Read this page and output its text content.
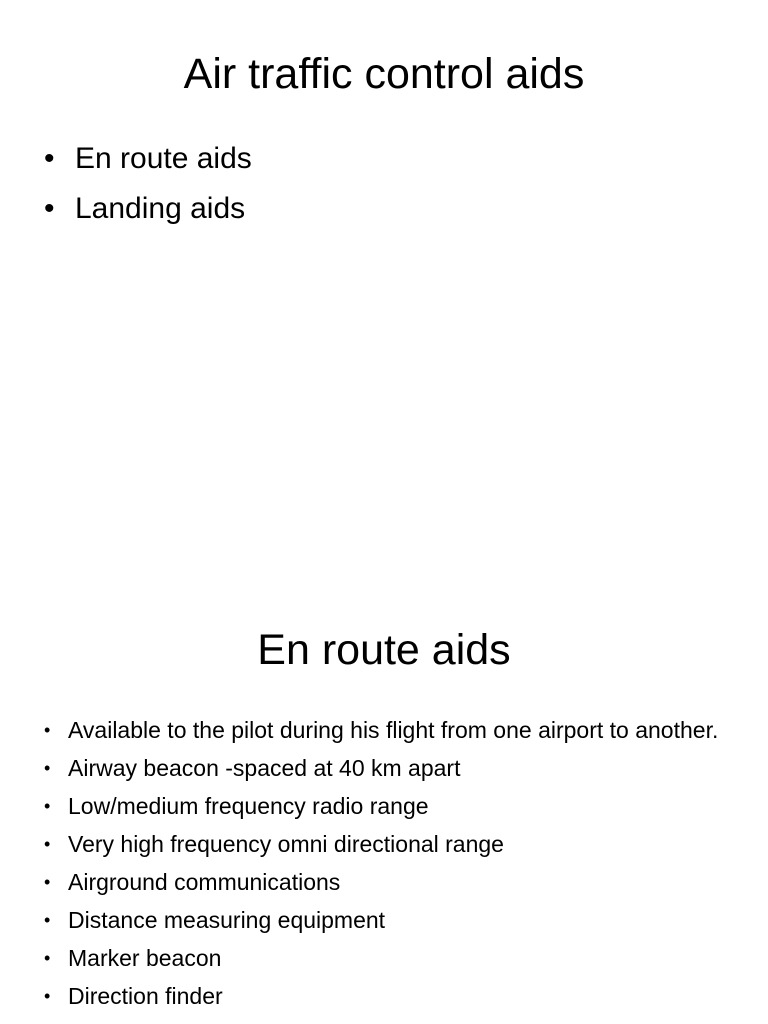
Air traffic control aids
• En route aids
• Landing aids
En route aids
• Available to the pilot during his flight from one airport to another.
• Airway beacon -spaced at 40 km apart
• Low/medium frequency radio range
• Very high frequency omni directional range
• Airground communications
• Distance measuring equipment
• Marker beacon
• Direction finder
